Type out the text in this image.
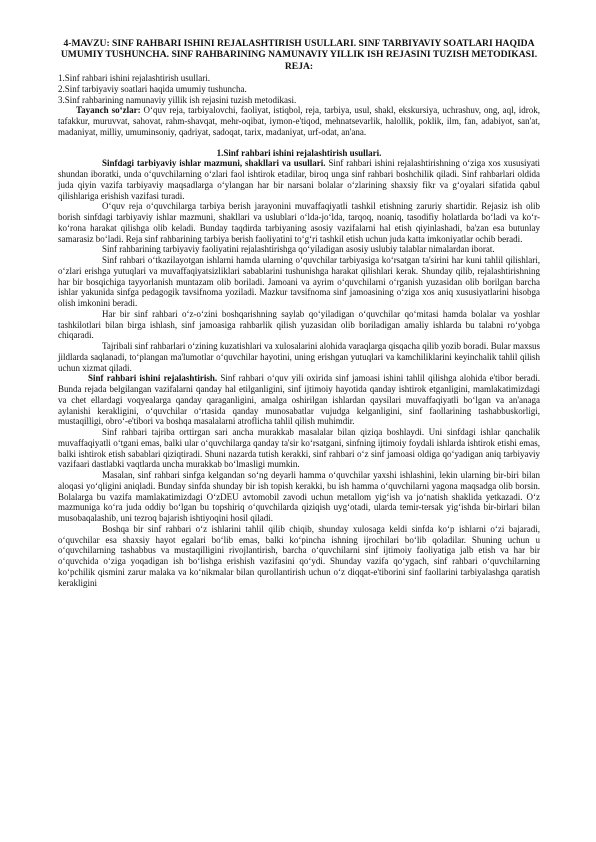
4-MAVZU: SINF RAHBARI ISHINI REJALASHTIRISH USULLARI. SINF TARBIYAVIY SOATLARI HAQIDA UMUMIY TUSHUNCHA. SINF RAHBARINING NAMUNAVIY YILLIK ISH REJASINI TUZISH METODIKASI.
REJA:
1.Sinf rahbari ishini rejalashtirish usullari.
2.Sinf tarbiyaviy soatlari haqida umumiy tushuncha.
3.Sinf rahbarining namunaviy yillik ish rejasini tuzish metodikasi.

Tayanch so‘zlar: O‘quv reja, tarbiyalovchi, faoliyat, istiqbol, reja, tarbiya, usul, shakl, ekskursiya, uchrashuv, ong, aql, idrok, tafakkur, muruvvat, sahovat, rahm-shavqat, mehr-oqibat, iymon-e'tiqod, mehnatsevarlik, halollik, poklik, ilm, fan, adabiyot, san'at, madaniyat, milliy, umuminsoniy, qadriyat, sadoqat, tarix, madaniyat, urf-odat, an'ana.

1.Sinf rahbari ishini rejalashtirish usullari.

Sinfdagi tarbiyaviy ishlar mazmuni, shakllari va usullari. Sinf rahbari ishini rejalashtirishning o‘ziga xos xususiyati shundan iboratki, unda o‘quvchilarning o‘zlari faol ishtirok etadilar, biroq unga sinf rahbari boshchilik qiladi. Sinf rahbarlari oldida juda qiyin vazifa tarbiyaviy maqsadlarga o‘ylangan har bir narsani bolalar o‘zlarining shaxsiy fikr va g‘oyalari sifatida qabul qilishlariga erishish vazifasi turadi.

O‘quv reja o‘quvchilarga tarbiya berish jarayonini muvaffaqiyatli tashkil etishning zaruriy shartidir. Rejasiz ish olib borish sinfdagi tarbiyaviy ishlar mazmuni, shakllari va uslublari o‘lda-jo‘lda, tarqoq, noaniq, tasodifiy holatlarda bo‘ladi va ko‘r-ko‘rona harakat qilishga olib keladi. Bunday taqdirda tarbiyaning asosiy vazifalarni hal etish qiyinlashadi, ba'zan esa butunlay samarasiz bo‘ladi. Reja sinf rahbarining tarbiya berish faoliyatini to‘g‘ri tashkil etish uchun juda katta imkoniyatlar ochib beradi.

Sinf rahbarining tarbiyaviy faoliyatini rejalashtirishga qo‘yiladigan asosiy uslubiy talablar nimalardan iborat.

Sinf rahbari o‘tkazilayotgan ishlarni hamda ularning o‘quvchilar tarbiyasiga ko‘rsatgan ta'sirini har kuni tahlil qilishlari, o‘zlari erishga yutuqlari va muvaffaqiyatsizliklari sabablarini tushunishga harakat qilishlari kerak. Shunday qilib, rejalashtirishning har bir bosqichiga tayyorlanish muntazam olib boriladi. Jamoani va ayrim o‘quvchilarni o‘rganish yuzasidan olib borilgan barcha ishlar yakunida sinfga pedagogik tavsifnoma yoziladi. Mazkur tavsifnoma sinf jamoasining o‘ziga xos aniq xususiyatlarini hisobga olish imkonini beradi.

Har bir sinf rahbari o‘z-o‘zini boshqarishning saylab qo‘yiladigan o‘quvchilar qo‘mitasi hamda bolalar va yoshlar tashkilotlari bilan birga ishlash, sinf jamoasiga rahbarlik qilish yuzasidan olib boriladigan amaliy ishlarda bu talabni ro‘yobga chiqaradi.

Tajribali sinf rahbarlari o‘zining kuzatishlari va xulosalarini alohida varaqlarga qisqacha qilib yozib boradi. Bular maxsus jildlarda saqlanadi, to‘plangan ma'lumotlar o‘quvchilar hayotini, uning erishgan yutuqlari va kamchiliklarini keyinchalik tahlil qilish uchun xizmat qiladi.

Sinf rahbari ishini rejalashtirish. Sinf rahbari o‘quv yili oxirida sinf jamoasi ishini tahlil qilishga alohida e'tibor beradi. Bunda rejada belgilangan vazifalarni qanday hal etilganligini, sinf ijtimoiy hayotida qanday ishtirok etganligini, mamlakatimizdagi va chet ellardagi voqyealarga qanday qaraganligini, amalga oshirilgan ishlardan qaysilari muvaffaqiyatli bo‘lgan va an'anaga aylanishi kerakligini, o‘quvchilar o‘rtasida qanday munosabatlar vujudga kelganligini, sinf faollarining tashabbuskorligi, mustaqilligi, obro‘-e'tibori va boshqa masalalarni atroflicha tahlil qilish muhimdir.

Sinf rahbari tajriba orttirgan sari ancha murakkab masalalar bilan qiziqa boshlaydi. Uni sinfdagi ishlar qanchalik muvaffaqiyatli o‘tgani emas, balki ular o‘quvchilarga qanday ta'sir ko‘rsatgani, sinfning ijtimoiy foydali ishlarda ishtirok etishi emas, balki ishtirok etish sabablari qiziqtiradi. Shuni nazarda tutish kerakki, sinf rahbari o‘z sinf jamoasi oldiga qo‘yadigan aniq tarbiyaviy vazifaari dastlabki vaqtlarda uncha murakkab bo‘lmasligi mumkin.

Masalan, sinf rahbari sinfga kelgandan so‘ng deyarli hamma o‘quvchilar yaxshi ishlashini, lekin ularning bir-biri bilan aloqasi yo‘qligini aniqladi. Bunday sinfda shunday bir ish topish kerakki, bu ish hamma o‘quvchilarni yagona maqsadga olib borsin. Bolalarga bu vazifa mamlakatimizdagi O‘zDEU avtomobil zavodi uchun metallom yig‘ish va jo‘natish shaklida yetkazadi. O‘z mazmuniga ko‘ra juda oddiy bo‘lgan bu topshiriq o‘quvchilarda qiziqish uyg‘otadi, ularda temir-tersak yig‘ishda bir-birlari bilan musobaqalashib, uni tezroq bajarish ishtiyoqini hosil qiladi.

Boshqa bir sinf rahbari o‘z ishlarini tahlil qilib chiqib, shunday xulosaga keldi sinfda ko‘p ishlarni o‘zi bajaradi, o‘quvchilar esa shaxsiy hayot egalari bo‘lib emas, balki ko‘pincha ishning ijrochilari bo‘lib qoladilar. Shuning uchun u o‘quvchilarning tashabbus va mustaqilligini rivojlantirish, barcha o‘quvchilarni sinf ijtimoiy faoliyatiga jalb etish va har bir o‘quvchida o‘ziga yoqadigan ish bo‘lishga erishish vazifasini qo‘ydi. Shunday vazifa qo‘ygach, sinf rahbari o‘quvchilarning ko‘pchilik qismini zarur malaka va ko‘nikmalar bilan qurollantirish uchun o‘z diqqat-e'tiborini sinf faollarini tarbiyalashga qaratish kerakligini
